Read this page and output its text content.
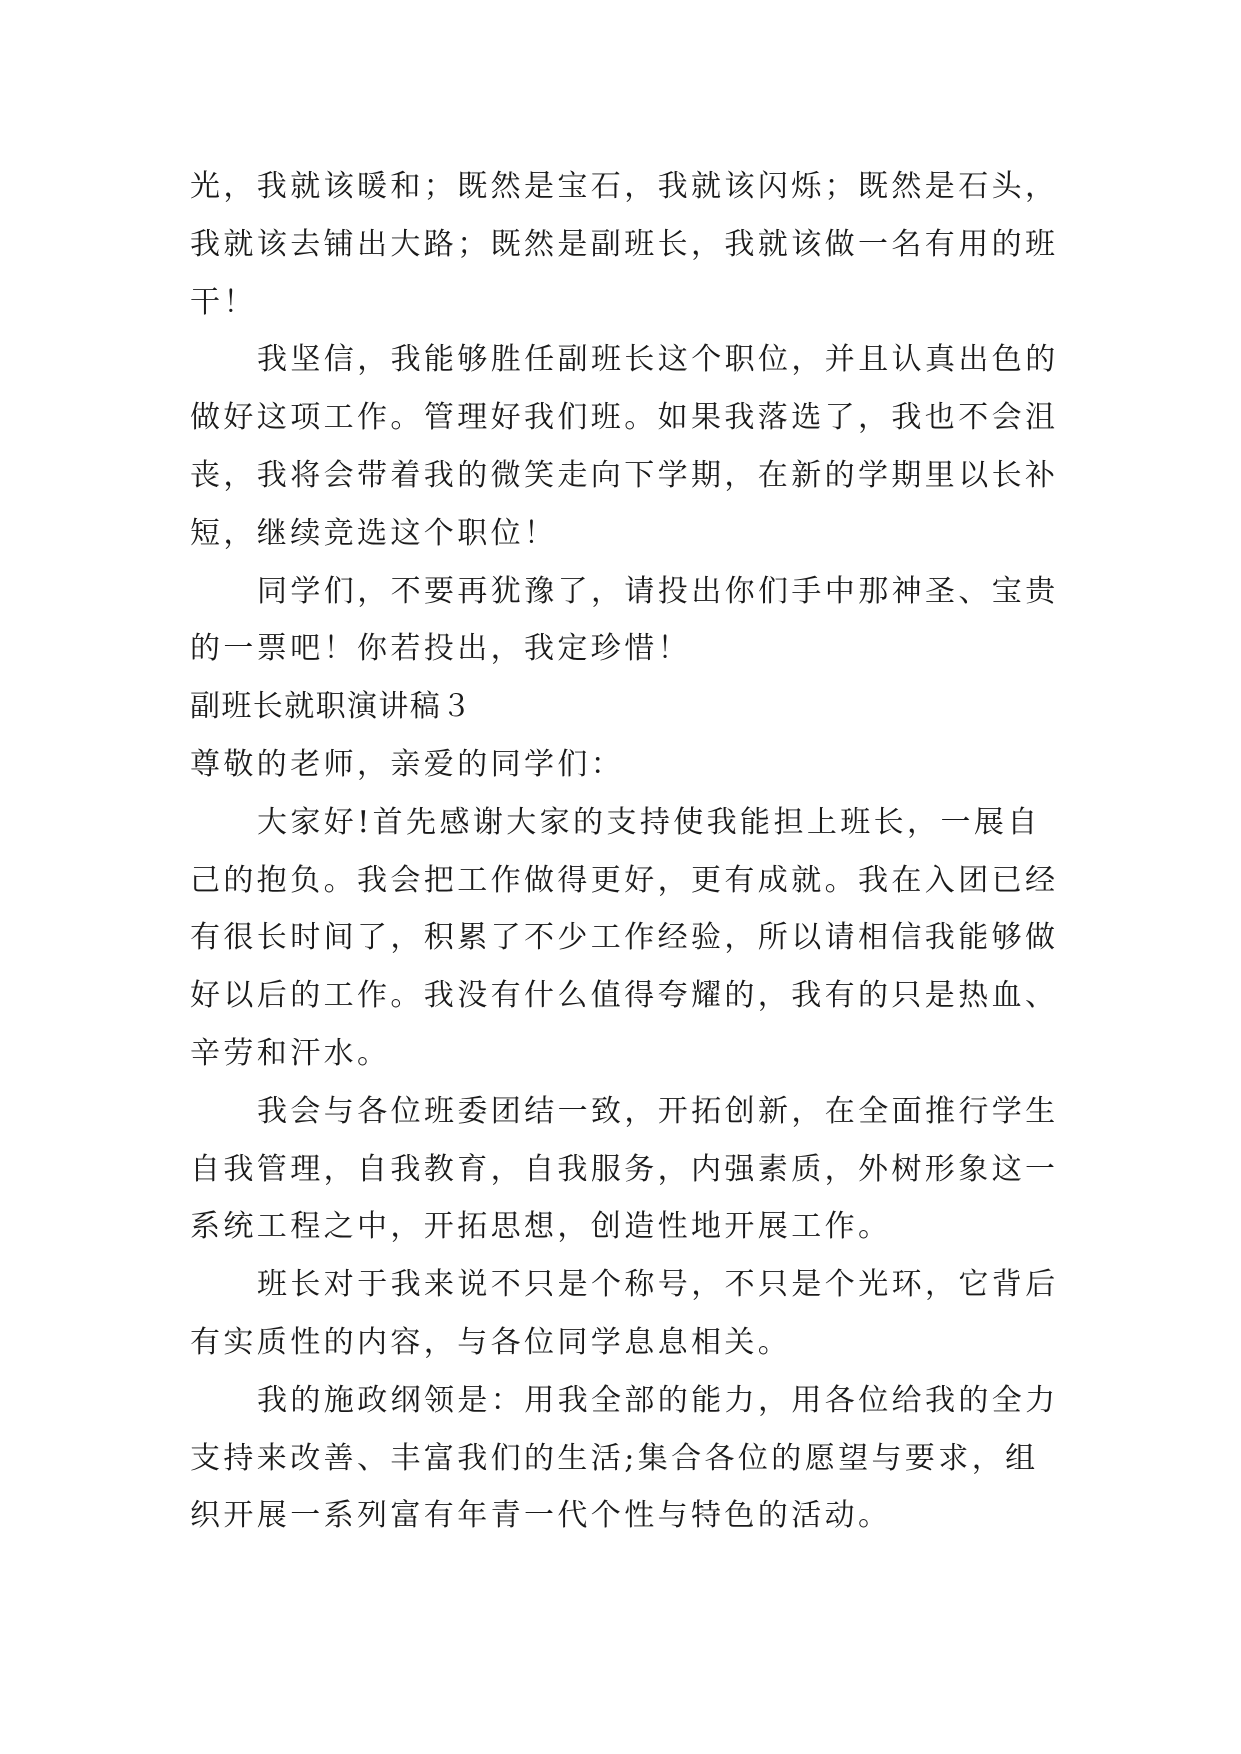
光，我就该暖和；既然是宝石，我就该闪烁；既然是石头，
我就该去铺出大路；既然是副班长，我就该做一名有用的班
干！
我坚信，我能够胜任副班长这个职位，并且认真出色的
做好这项工作。管理好我们班。如果我落选了，我也不会沮
丧，我将会带着我的微笑走向下学期，在新的学期里以长补
短，继续竞选这个职位！
同学们，不要再犹豫了，请投出你们手中那神圣、宝贵
的一票吧！你若投出，我定珍惜！
副班长就职演讲稿３
尊敬的老师，亲爱的同学们：
大家好!首先感谢大家的支持使我能担上班长，一展自
己的抱负。我会把工作做得更好，更有成就。我在入团已经
有很长时间了，积累了不少工作经验，所以请相信我能够做
好以后的工作。我没有什么值得夸耀的，我有的只是热血、
辛劳和汗水。
我会与各位班委团结一致，开拓创新，在全面推行学生
自我管理，自我教育，自我服务，内强素质，外树形象这一
系统工程之中，开拓思想，创造性地开展工作。
班长对于我来说不只是个称号，不只是个光环，它背后
有实质性的内容，与各位同学息息相关。
我的施政纲领是：用我全部的能力，用各位给我的全力
支持来改善、丰富我们的生活;集合各位的愿望与要求，组
织开展一系列富有年青一代个性与特色的活动。
